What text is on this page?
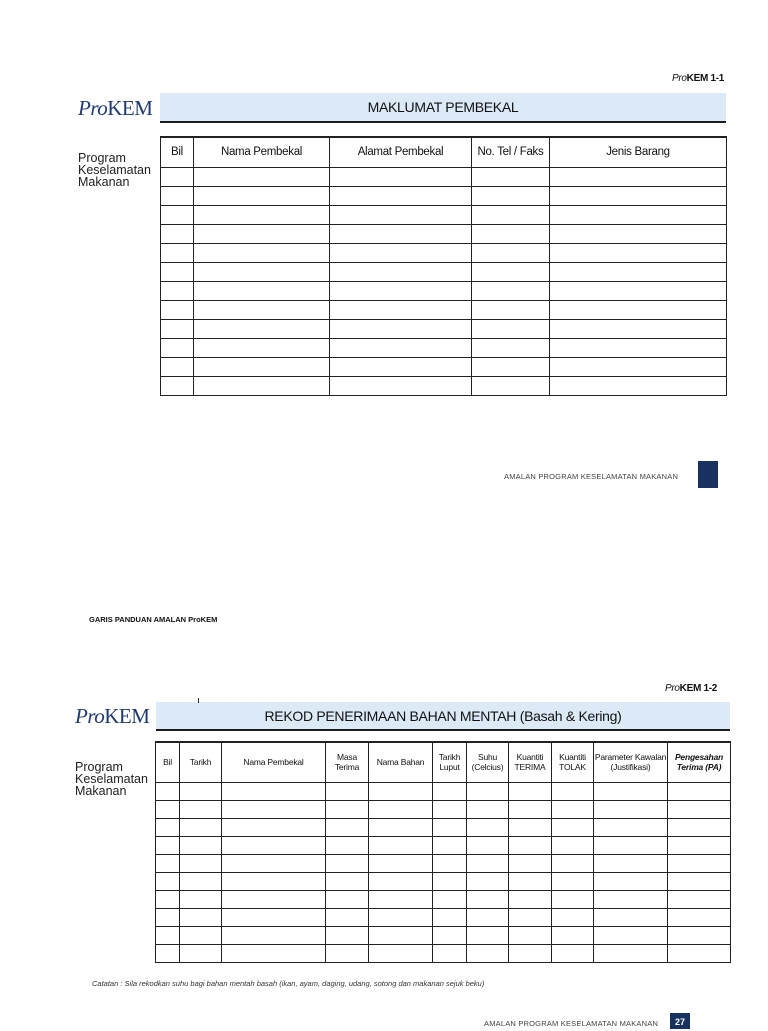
ProKEM 1-1
ProKEM	MAKLUMAT PEMBEKAL
Program
Keselamatan
Makanan
Bil	Nama Pembekal	Alamat Pembekal	No. Tel / Faks	Jenis Barang

AMALAN PROGRAM KESELAMATAN MAKANAN
GARIS PANDUAN AMALAN ProKEM
ProKEM 1-2
ProKEM	REKOD PENERIMAAN BAHAN MENTAH (Basah & Kering)
Program
Keselamatan
Makanan
Bil	Tarikh	Nama Pembekal	Masa Terima	Nama Bahan	Tarikh Luput	Suhu (Celcius)	Kuantiti TERIMA	Kuantiti TOLAK	Parameter Kawalan (Justifikasi)	Pengesahan Terima (PA)

Catatan : Sila rekodkan suhu bagi bahan mentah basah (ikan, ayam, daging, udang, sotong dan makanan sejuk beku)
AMALAN PROGRAM KESELAMATAN MAKANAN	27
